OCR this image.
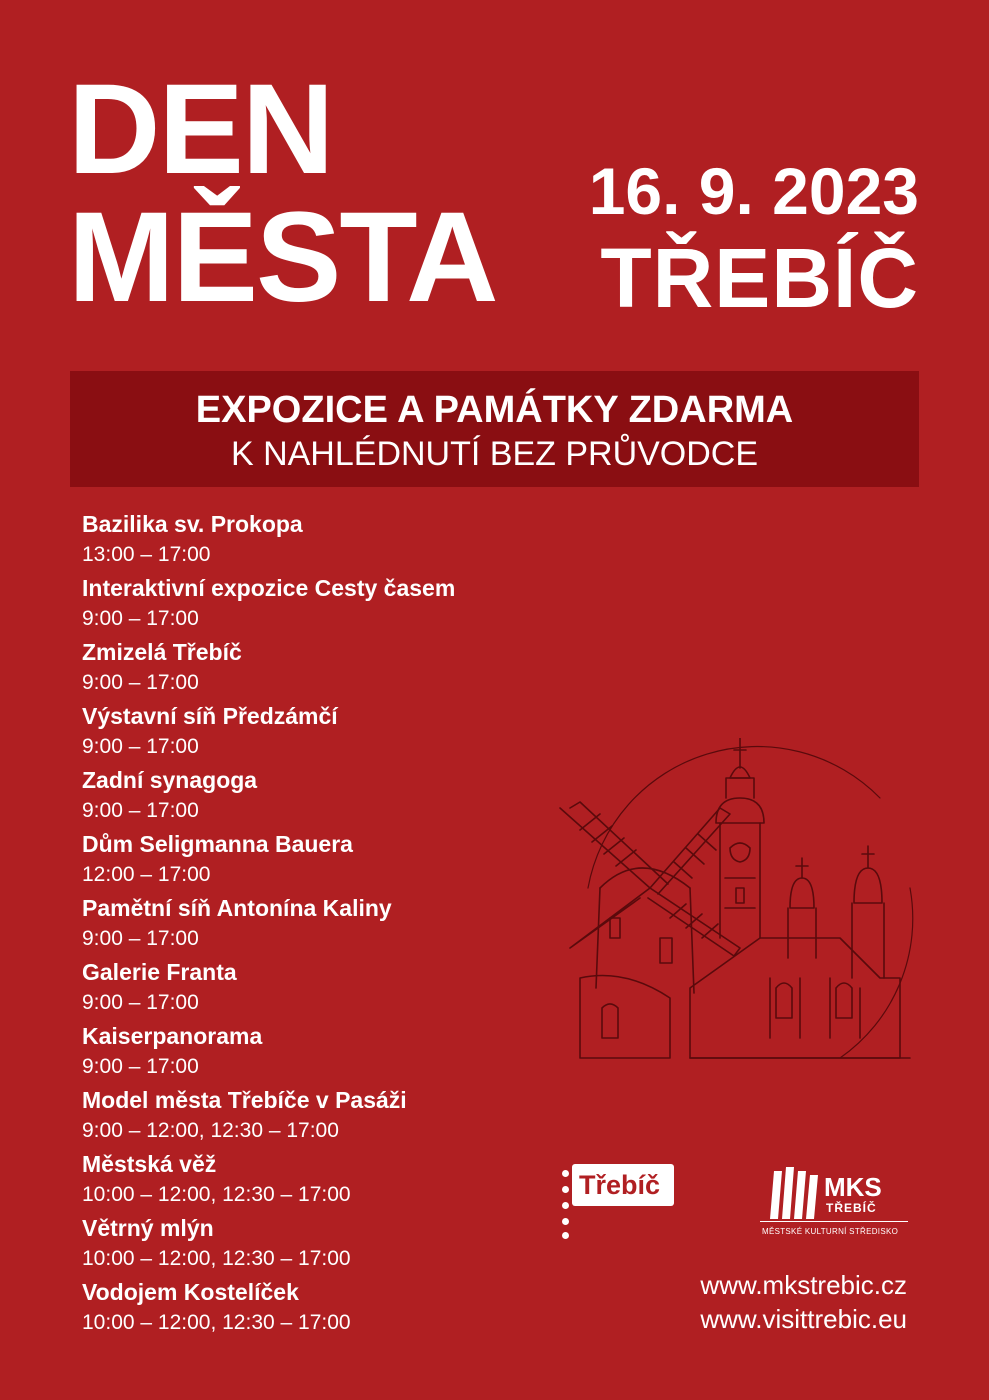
DEN
MĚSTA 16. 9. 2023
TŘEBÍČ
EXPOZICE A PAMÁTKY ZDARMA
K NAHLÉDNUTÍ BEZ PRŮVODCE
Bazilika sv. Prokopa
13:00 – 17:00
Interaktivní expozice Cesty časem
9:00 – 17:00
Zmizelá Třebíč
9:00 – 17:00
Výstavní síň Předzámčí
9:00 – 17:00
Zadní synagoga
9:00 – 17:00
Dům Seligmanna Bauera
12:00 – 17:00
Pamětní síň Antonína Kaliny
9:00 – 17:00
Galerie Franta
9:00 – 17:00
Kaiserpanorama
9:00 – 17:00
Model města Třebíče v Pasáži
9:00 – 12:00, 12:30 – 17:00
Městská věž
10:00 – 12:00, 12:30 – 17:00
Větrný mlýn
10:00 – 12:00, 12:30 – 17:00
Vodojem Kostelíček
10:00 – 12:00, 12:30 – 17:00
Třebíč	MKS
TŘEBÍČ
MĚSTSKÉ KULTURNÍ STŘEDISKO
www.mkstrebic.cz
www.visittrebic.eu
